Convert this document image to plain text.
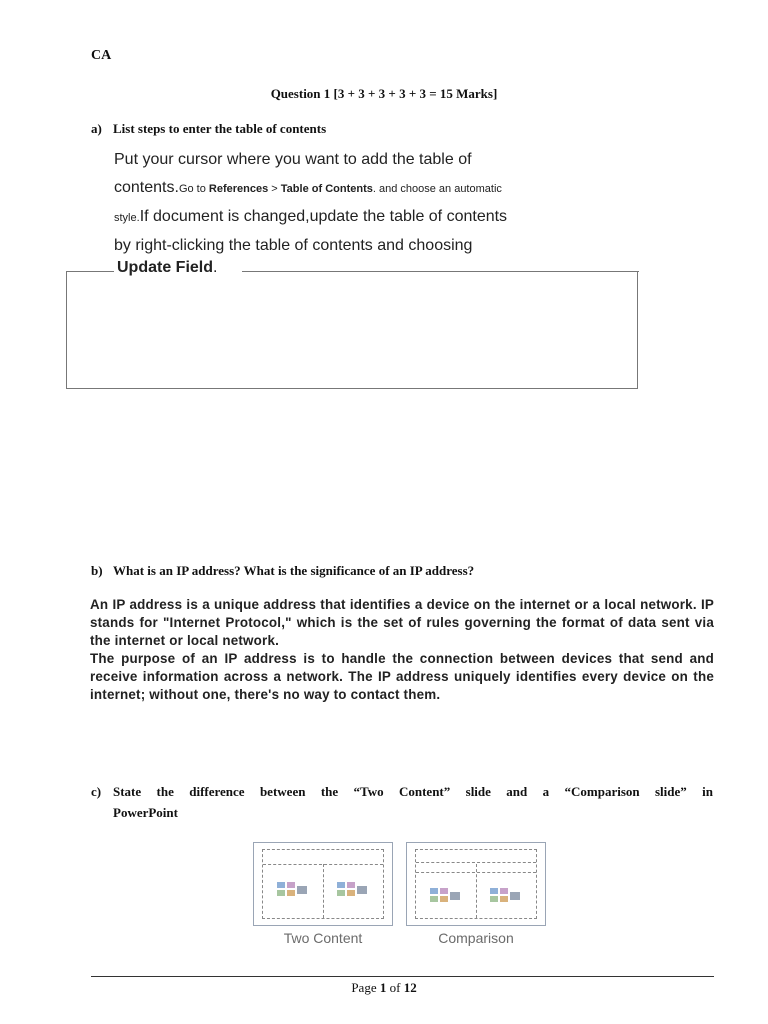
CA
Question 1 [3 + 3 + 3 + 3 + 3 = 15 Marks]
a) List steps to enter the table of contents
Put your cursor where you want to add the table of
contents.Go to References > Table of Contents. and choose an automatic
style.If document is changed,update the table of contents
by right-clicking the table of contents and choosing
Update Field.
b) What is an IP address? What is the significance of an IP address?

An IP address is a unique address that identifies a device on the internet or a local network. IP stands for "Internet Protocol," which is the set of rules governing the format of data sent via the internet or local network.

The purpose of an IP address is to handle the connection between devices that send and receive information across a network. The IP address uniquely identifies every device on the internet; without one, there's no way to contact them.

c) State the difference between the “Two Content” slide and a “Comparison slide” in
PowerPoint
Two Content	Comparison
Page 1 of 12
